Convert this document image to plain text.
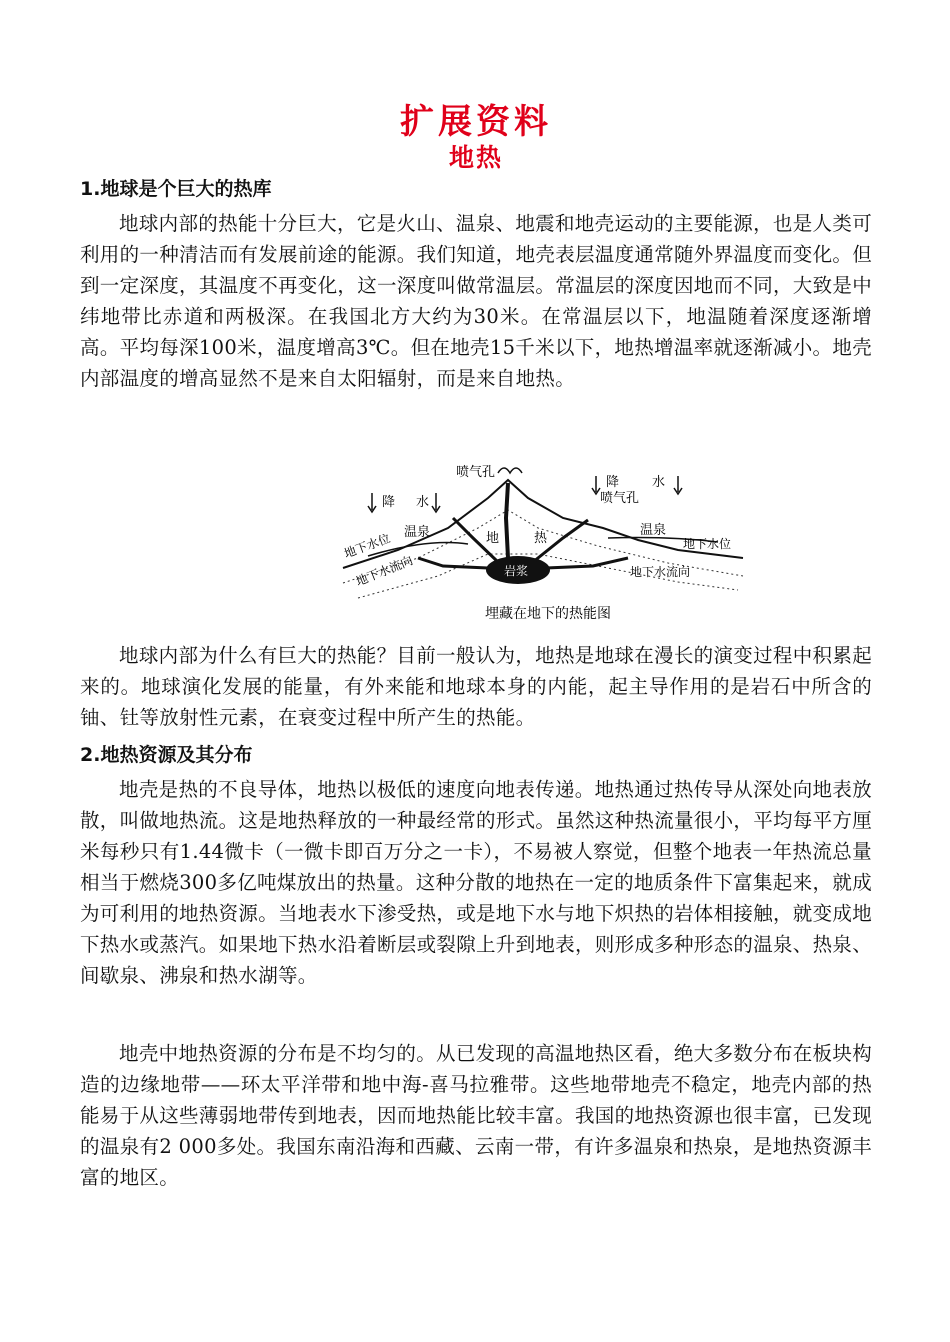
扩展资料
地热
1.地球是个巨大的热库

地球内部的热能十分巨大，它是火山、温泉、地震和地壳运动的主要能源，也是人类可利用的一种清洁而有发展前途的能源。我们知道，地壳表层温度通常随外界温度而变化。但到一定深度，其温度不再变化，这一深度叫做常温层。常温层的深度因地而不同，大致是中纬地带比赤道和两极深。在我国北方大约为30米。在常温层以下，地温随着深度逐渐增高。平均每深100米，温度增高3℃。但在地壳15千米以下，地热增温率就逐渐减小。地壳内部温度的增高显然不是来自太阳辐射，而是来自地热。

地球内部为什么有巨大的热能？目前一般认为，地热是地球在漫长的演变过程中积累起来的。地球演化发展的能量，有外来能和地球本身的内能，起主导作用的是岩石中所含的铀、钍等放射性元素，在衰变过程中所产生的热能。

2.地热资源及其分布

地壳是热的不良导体，地热以极低的速度向地表传递。地热通过热传导从深处向地表放散，叫做地热流。这是地热释放的一种最经常的形式。虽然这种热流量很小，平均每平方厘米每秒只有1.44微卡（一微卡即百万分之一卡），不易被人察觉，但整个地表一年热流总量相当于燃烧300多亿吨煤放出的热量。这种分散的地热在一定的地质条件下富集起来，就成为可利用的地热资源。当地表水下渗受热，或是地下水与地下炽热的岩体相接触，就变成地下热水或蒸汽。如果地下热水沿着断层或裂隙上升到地表，则形成多种形态的温泉、热泉、间歇泉、沸泉和热水湖等。

地壳中地热资源的分布是不均匀的。从已发现的高温地热区看，绝大多数分布在板块构造的边缘地带——环太平洋带和地中海-喜马拉雅带。这些地带地壳不稳定，地壳内部的热能易于从这些薄弱地带传到地表，因而地热能比较丰富。我国的地热资源也很丰富，已发现的温泉有2 000多处。我国东南沿海和西藏、云南一带，有许多温泉和热泉，是地热资源丰富的地区。

喷气孔
喷气孔
降 水
降	水
温泉	温泉
地下水位	地下水位
地下水流向	地下水流向
地	热
岩浆
埋藏在地下的热能图
